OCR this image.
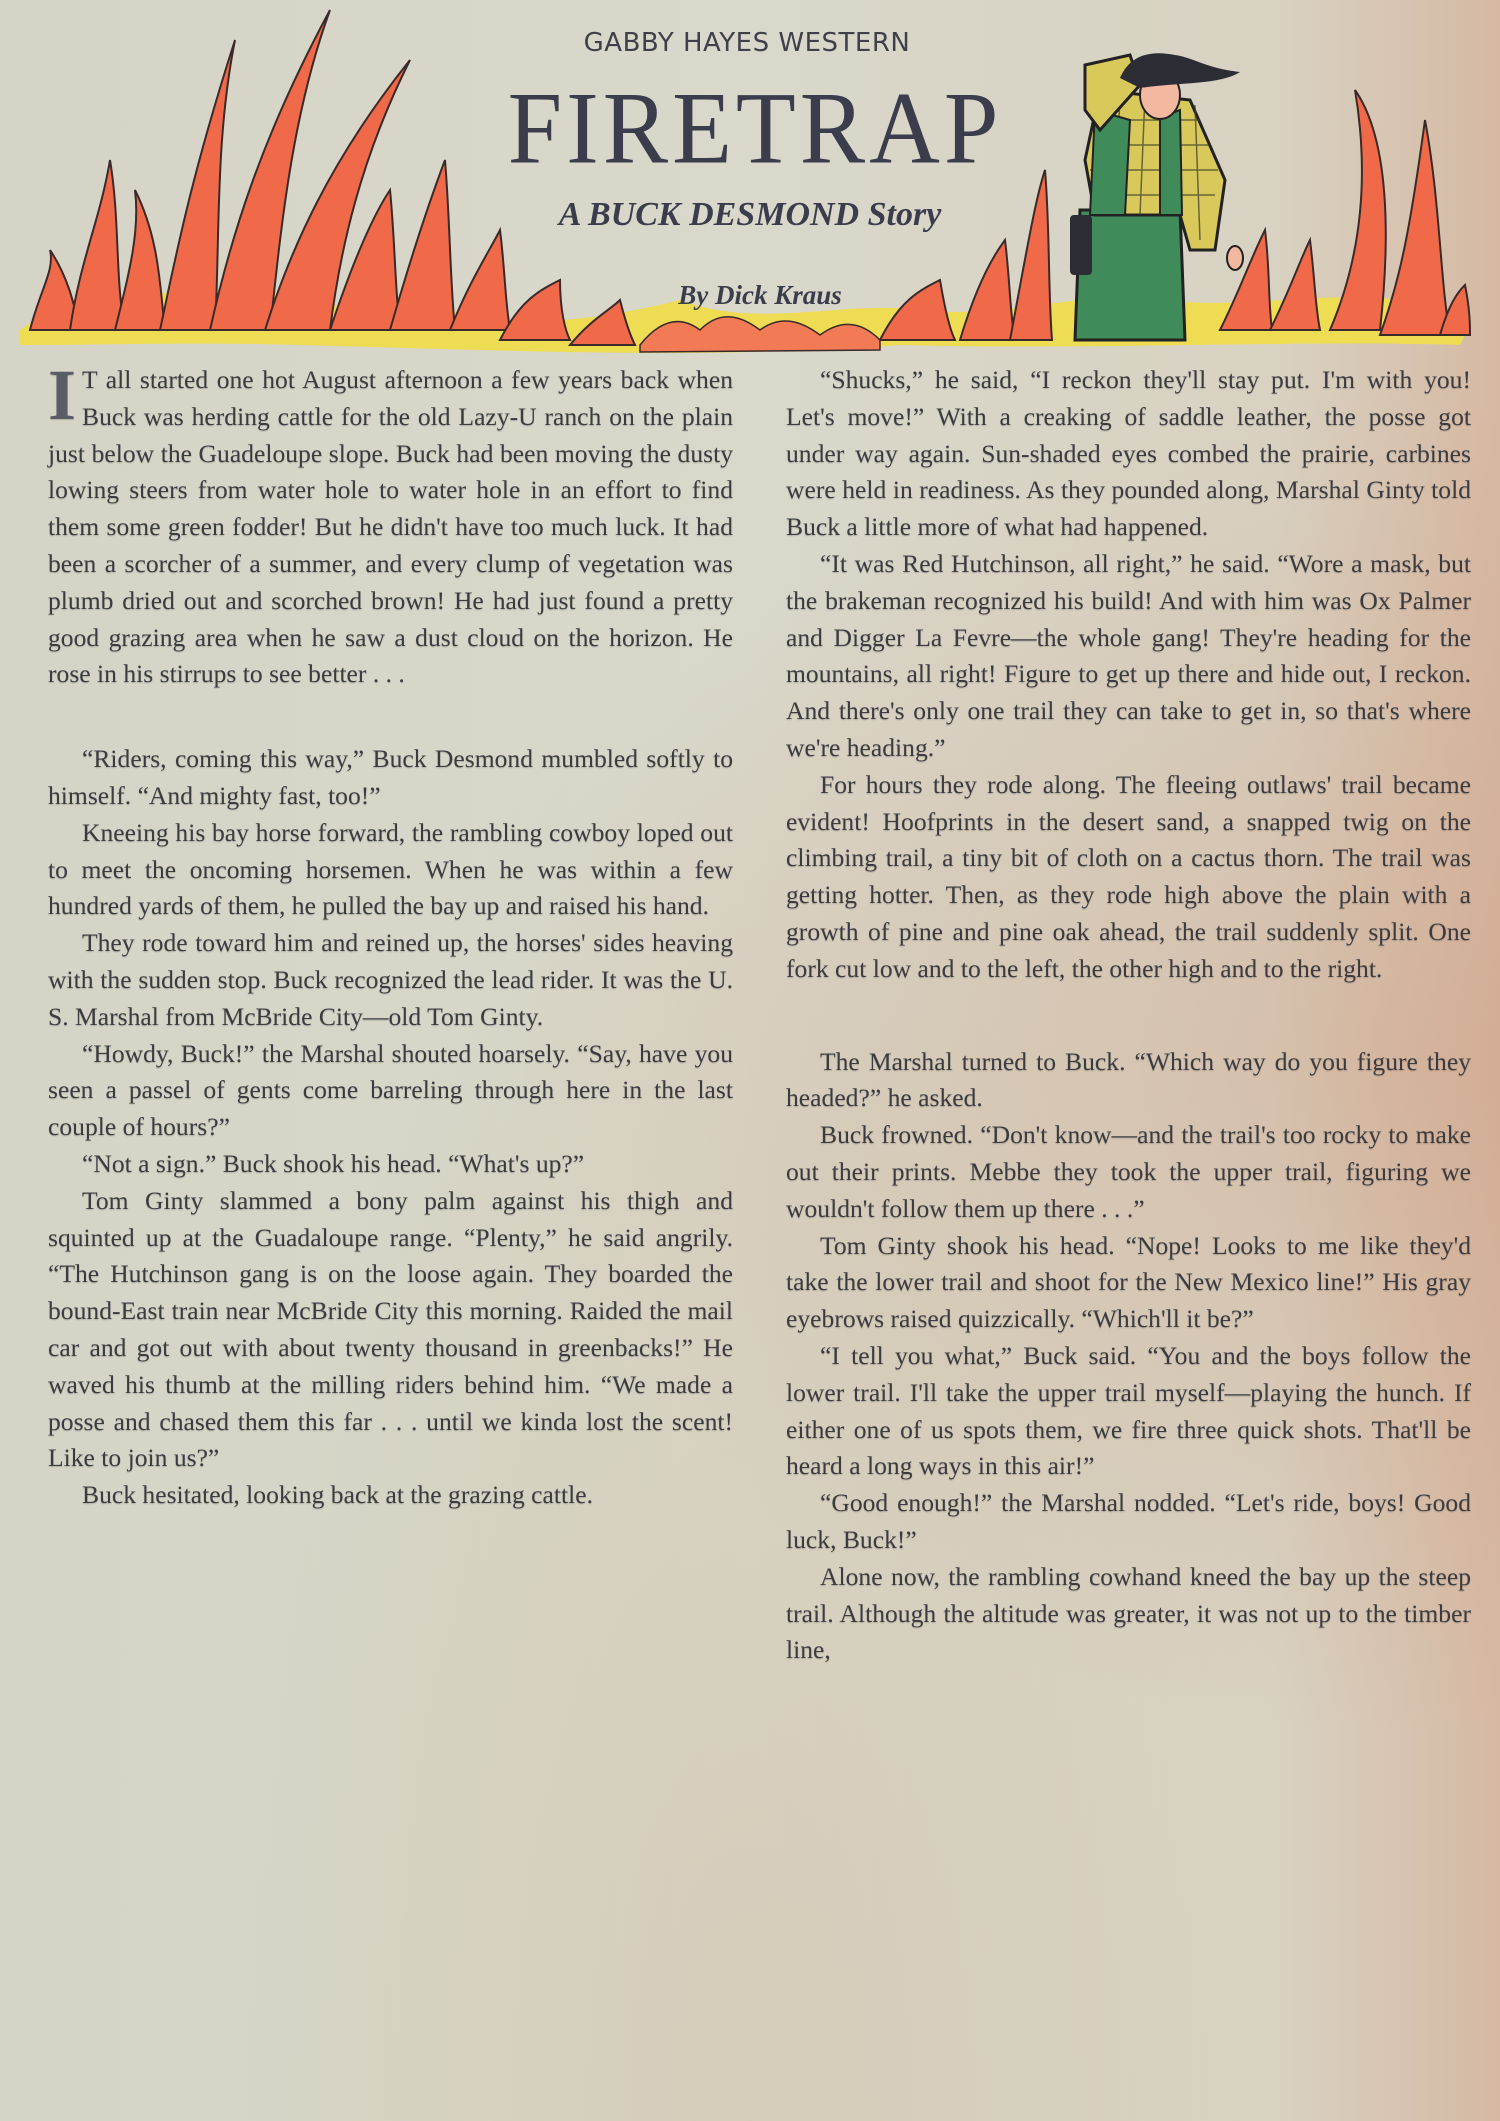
GABBY HAYES WESTERN
FIRETRAP
A BUCK DESMOND Story
By Dick Kraus

I T all started one hot August afternoon a few years back when Buck was herding cattle for the old Lazy-U ranch on the plain just below the Guadeloupe slope. Buck had been moving the dusty lowing steers from water hole to water hole in an effort to find them some green fodder! But he didn't have too much luck. It had been a scorcher of a summer, and every clump of vegetation was plumb dried out and scorched brown! He had just found a pretty good grazing area when he saw a dust cloud on the horizon. He rose in his stirrups to see better . . .

“Riders, coming this way,” Buck Desmond mumbled softly to himself. “And mighty fast, too!”

Kneeing his bay horse forward, the rambling cowboy loped out to meet the oncoming horsemen. When he was within a few hundred yards of them, he pulled the bay up and raised his hand.

They rode toward him and reined up, the horses' sides heaving with the sudden stop. Buck recognized the lead rider. It was the U. S. Marshal from McBride City—old Tom Ginty.

“Howdy, Buck!” the Marshal shouted hoarsely. “Say, have you seen a passel of gents come barreling through here in the last couple of hours?”

“Not a sign.” Buck shook his head. “What's up?”

Tom Ginty slammed a bony palm against his thigh and squinted up at the Guadaloupe range. “Plenty,” he said angrily. “The Hutchinson gang is on the loose again. They boarded the bound-East train near McBride City this morning. Raided the mail car and got out with about twenty thousand in greenbacks!” He waved his thumb at the milling riders behind him. “We made a posse and chased them this far . . . until we kinda lost the scent! Like to join us?”

Buck hesitated, looking back at the grazing cattle.

“Shucks,” he said, “I reckon they'll stay put. I'm with you! Let's move!” With a creaking of saddle leather, the posse got under way again. Sun-shaded eyes combed the prairie, carbines were held in readiness. As they pounded along, Marshal Ginty told Buck a little more of what had happened.

“It was Red Hutchinson, all right,” he said. “Wore a mask, but the brakeman recognized his build! And with him was Ox Palmer and Digger La Fevre—the whole gang! They're heading for the mountains, all right! Figure to get up there and hide out, I reckon. And there's only one trail they can take to get in, so that's where we're heading.”

For hours they rode along. The fleeing outlaws' trail became evident! Hoofprints in the desert sand, a snapped twig on the climbing trail, a tiny bit of cloth on a cactus thorn. The trail was getting hotter. Then, as they rode high above the plain with a growth of pine and pine oak ahead, the trail suddenly split. One fork cut low and to the left, the other high and to the right.

The Marshal turned to Buck. “Which way do you figure they headed?” he asked.

Buck frowned. “Don't know—and the trail's too rocky to make out their prints. Mebbe they took the upper trail, figuring we wouldn't follow them up there . . .”

Tom Ginty shook his head. “Nope! Looks to me like they'd take the lower trail and shoot for the New Mexico line!” His gray eyebrows raised quizzically. “Which'll it be?”

“I tell you what,” Buck said. “You and the boys follow the lower trail. I'll take the upper trail myself—playing the hunch. If either one of us spots them, we fire three quick shots. That'll be heard a long ways in this air!”

“Good enough!” the Marshal nodded. “Let's ride, boys! Good luck, Buck!”

Alone now, the rambling cowhand kneed the bay up the steep trail. Although the altitude was greater, it was not up to the timber line,
